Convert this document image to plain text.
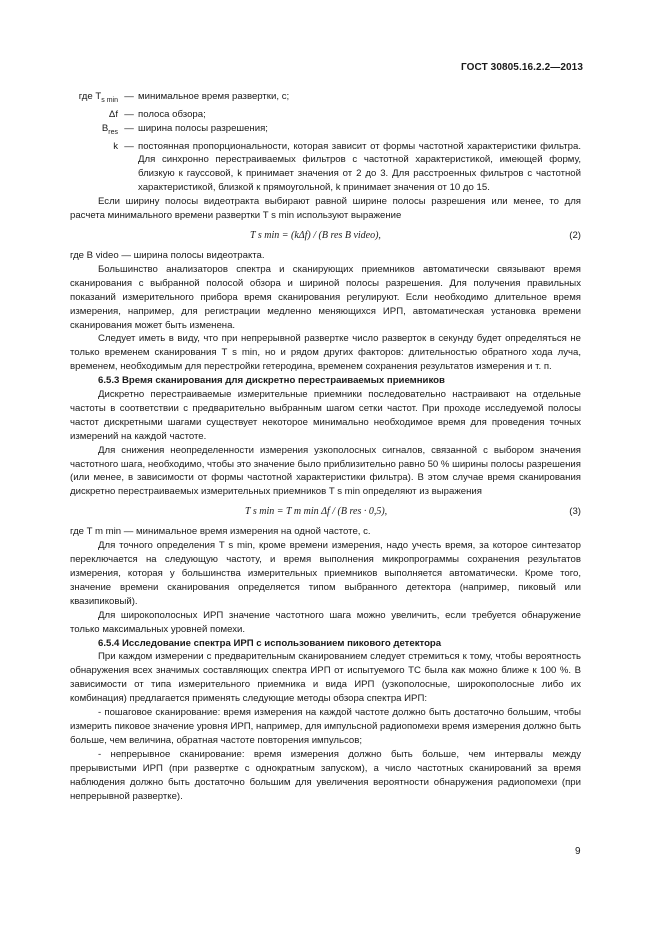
ГОСТ 30805.16.2.2—2013
где $T_{s min}$	—	минимальное время развертки, с;
Δf	—	полоса обзора;
$B_{res}$	—	ширина полосы разрешения;
k	—	постоянная пропорциональности, которая зависит от формы частотной характеристики фильтра. Для синхронно перестраиваемых фильтров с частотной характеристикой, имеющей форму, близкую к гауссовой, k принимает значения от 2 до 3. Для расстроенных фильтров с частотной характеристикой, близкой к прямоугольной, k принимает значения от 10 до 15.

Если ширину полосы видеотракта выбирают равной ширине полосы разрешения или менее, то для расчета минимального времени развертки T s min используют выражение

T s min = (kΔf) / (B res B video),	(2)

где B video — ширина полосы видеотракта.

Большинство анализаторов спектра и сканирующих приемников автоматически связывают время сканирования с выбранной полосой обзора и шириной полосы разрешения. Для получения правильных показаний измерительного прибора время сканирования регулируют. Если необходимо длительное время измерения, например, для регистрации медленно меняющихся ИРП, автоматическая установка времени сканирования может быть изменена.

Следует иметь в виду, что при непрерывной развертке число разверток в секунду будет определяться не только временем сканирования T s min, но и рядом других факторов: длительностью обратного хода луча, временем, необходимым для перестройки гетеродина, временем сохранения результатов измерения и т. п.

6.5.3 Время сканирования для дискретно перестраиваемых приемников

Дискретно перестраиваемые измерительные приемники последовательно настраивают на отдельные частоты в соответствии с предварительно выбранным шагом сетки частот. При проходе исследуемой полосы частот дискретными шагами существует некоторое минимально необходимое время для проведения точных измерений на каждой частоте.

Для снижения неопределенности измерения узкополосных сигналов, связанной с выбором значения частотного шага, необходимо, чтобы это значение было приблизительно равно 50 % ширины полосы разрешения (или менее, в зависимости от формы частотной характеристики фильтра). В этом случае время сканирования дискретно перестраиваемых измерительных приемников T s min определяют из выражения

T s min = T m min Δf / (B res · 0,5),	(3)

где T m min — минимальное время измерения на одной частоте, с.

Для точного определения T s min, кроме времени измерения, надо учесть время, за которое синтезатор переключается на следующую частоту, и время выполнения микропрограммы сохранения результатов измерения, которая у большинства измерительных приемников выполняется автоматически. Кроме того, значение времени сканирования определяется типом выбранного детектора (например, пиковый или квазипиковый).

Для широкополосных ИРП значение частотного шага можно увеличить, если требуется обнаружение только максимальных уровней помехи.

6.5.4 Исследование спектра ИРП с использованием пикового детектора

При каждом измерении с предварительным сканированием следует стремиться к тому, чтобы вероятность обнаружения всех значимых составляющих спектра ИРП от испытуемого ТС была как можно ближе к 100 %. В зависимости от типа измерительного приемника и вида ИРП (узкополосные, широкополосные либо их комбинация) предлагается применять следующие методы обзора спектра ИРП:

- пошаговое сканирование: время измерения на каждой частоте должно быть достаточно большим, чтобы измерить пиковое значение уровня ИРП, например, для импульсной радиопомехи время измерения должно быть больше, чем величина, обратная частоте повторения импульсов;

- непрерывное сканирование: время измерения должно быть больше, чем интервалы между прерывистыми ИРП (при развертке с однократным запуском), а число частотных сканирований за время наблюдения должно быть достаточно большим для увеличения вероятности обнаружения радиопомехи (при непрерывной развертке).

9
